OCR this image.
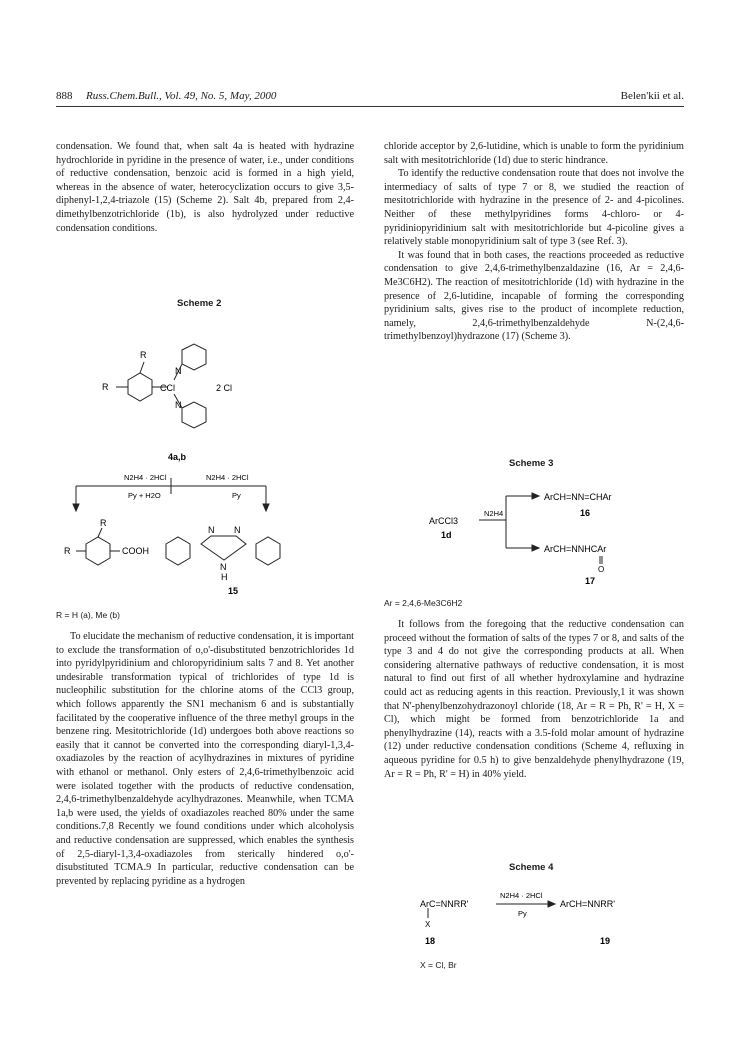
888 Russ.Chem.Bull., Vol. 49, No. 5, May, 2000	Belen'kii et al.

condensation. We found that, when salt 4a is heated with hydrazine hydrochloride in pyridine in the presence of water, i.e., under conditions of reductive condensation, benzoic acid is formed in a high yield, whereas in the absence of water, heterocyclization occurs to give 3,5-diphenyl-1,2,4-triazole (15) (Scheme 2). Salt 4b, prepared from 2,4-dimethylbenzotrichloride (1b), is also hydrolyzed under reductive condensation conditions.

Scheme 2
R
R	CCl
N
N
2 Cl
4a,b
N2H4 · 2HCl
Py + H2O
N2H4 · 2HCl
Py
R
R	COOH
N N
N
H
15
R = H (a), Me (b)

To elucidate the mechanism of reductive condensation, it is important to exclude the transformation of o,o'-disubstituted benzotrichlorides 1d into pyridylpyridinium and chloropyridinium salts 7 and 8. Yet another undesirable transformation typical of trichlorides of type 1d is nucleophilic substitution for the chlorine atoms of the CCl3 group, which follows apparently the SN1 mechanism 6 and is substantially facilitated by the cooperative influence of the three methyl groups in the benzene ring. Mesitotrichloride (1d) undergoes both above reactions so easily that it cannot be converted into the corresponding diaryl-1,3,4-oxadiazoles by the reaction of acylhydrazines in mixtures of pyridine with ethanol or methanol. Only esters of 2,4,6-trimethylbenzoic acid were isolated together with the products of reductive condensation, 2,4,6-trimethylbenzaldehyde acylhydrazones. Meanwhile, when TCMA 1a,b were used, the yields of oxadiazoles reached 80% under the same conditions.7,8 Recently we found conditions under which alcoholysis and reductive condensation are suppressed, which enables the synthesis of 2,5-diaryl-1,3,4-oxadiazoles from sterically hindered o,o'-disubstituted TCMA.9 In particular, reductive condensation can be prevented by replacing pyridine as a hydrogen

chloride acceptor by 2,6-lutidine, which is unable to form the pyridinium salt with mesitotrichloride (1d) due to steric hindrance.

To identify the reductive condensation route that does not involve the intermediacy of salts of type 7 or 8, we studied the reaction of mesitotrichloride with hydrazine in the presence of 2- and 4-picolines. Neither of these methylpyridines forms 4-chloro- or 4-pyridiniopyridinium salt with mesitotrichloride but 4-picoline gives a relatively stable monopyridinium salt of type 3 (see Ref. 3).

It was found that in both cases, the reactions proceeded as reductive condensation to give 2,4,6-trimethylbenzaldazine (16, Ar = 2,4,6-Me3C6H2). The reaction of mesitotrichloride (1d) with hydrazine in the presence of 2,6-lutidine, incapable of forming the corresponding pyridinium salts, gives rise to the product of incomplete reduction, namely, 2,4,6-trimethylbenzaldehyde N-(2,4,6-trimethylbenzoyl)hydrazone (17) (Scheme 3).

Scheme 3
ArCCl3
1d
N2H4
ArCH=NN=CHAr
16
ArCH=NNHCAr
O
17
Ar = 2,4,6-Me3C6H2

It follows from the foregoing that the reductive condensation can proceed without the formation of salts of the types 7 or 8, and salts of the type 3 and 4 do not give the corresponding products at all. When considering alternative pathways of reductive condensation, it is most natural to find out first of all whether hydroxylamine and hydrazine could act as reducing agents in this reaction. Previously,1 it was shown that N'-phenylbenzohydrazonoyl chloride (18, Ar = R = Ph, R' = H, X = Cl), which might be formed from benzotrichloride 1a and phenylhydrazine (14), reacts with a 3.5-fold molar amount of hydrazine (12) under reductive condensation conditions (Scheme 4, refluxing in aqueous pyridine for 0.5 h) to give benzaldehyde phenylhydrazone (19, Ar = R = Ph, R' = H) in 40% yield.

Scheme 4
ArC=NNRR'
X
18
N2H4 · 2HCl
Py
ArCH=NNRR'
19
X = Cl, Br
